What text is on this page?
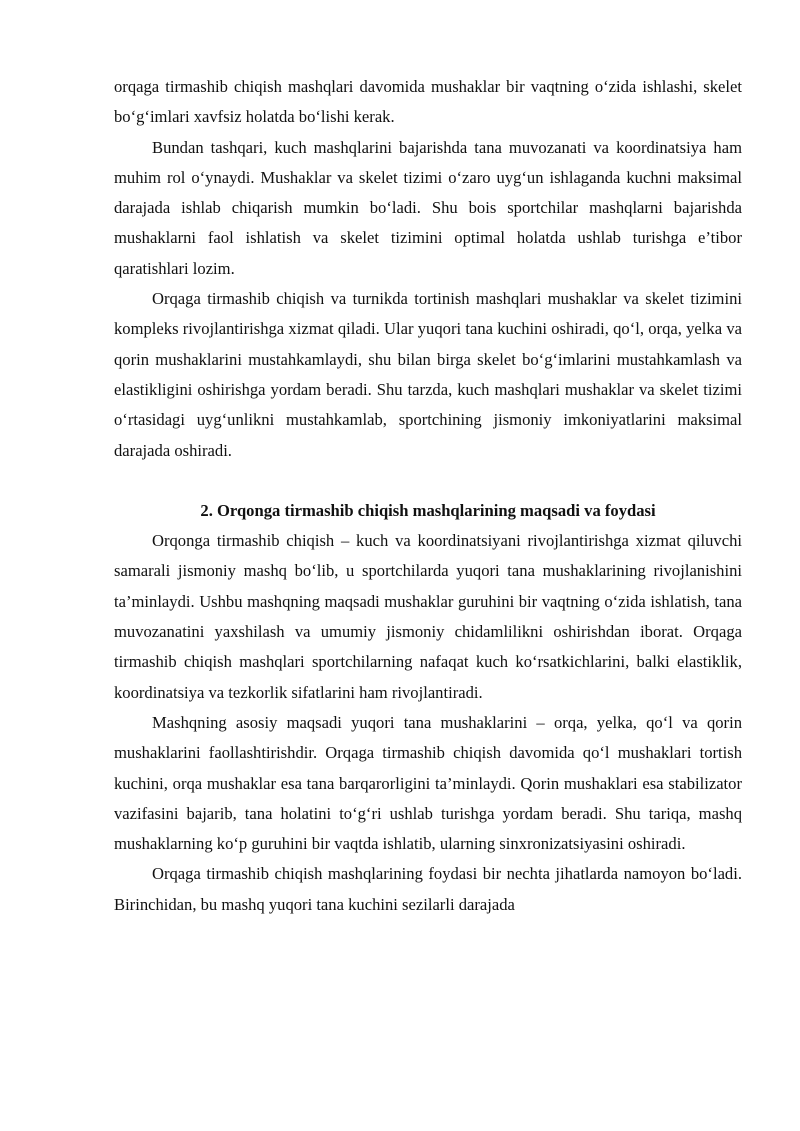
orqaga tirmashib chiqish mashqlari davomida mushaklar bir vaqtning o‘zida ishlashi, skelet bo‘g‘imlari xavfsiz holatda bo‘lishi kerak.

Bundan tashqari, kuch mashqlarini bajarishda tana muvozanati va koordinatsiya ham muhim rol o‘ynaydi. Mushaklar va skelet tizimi o‘zaro uyg‘un ishlaganda kuchni maksimal darajada ishlab chiqarish mumkin bo‘ladi. Shu bois sportchilar mashqlarni bajarishda mushaklarni faol ishlatish va skelet tizimini optimal holatda ushlab turishga e’tibor qaratishlari lozim.

Orqaga tirmashib chiqish va turnikda tortinish mashqlari mushaklar va skelet tizimini kompleks rivojlantirishga xizmat qiladi. Ular yuqori tana kuchini oshiradi, qo‘l, orqa, yelka va qorin mushaklarini mustahkamlaydi, shu bilan birga skelet bo‘g‘imlarini mustahkamlash va elastikligini oshirishga yordam beradi. Shu tarzda, kuch mashqlari mushaklar va skelet tizimi o‘rtasidagi uyg‘unlikni mustahkamlab, sportchining jismoniy imkoniyatlarini maksimal darajada oshiradi.

2. Orqonga tirmashib chiqish mashqlarining maqsadi va foydasi

Orqonga tirmashib chiqish – kuch va koordinatsiyani rivojlantirishga xizmat qiluvchi samarali jismoniy mashq bo‘lib, u sportchilarda yuqori tana mushaklarining rivojlanishini ta’minlaydi. Ushbu mashqning maqsadi mushaklar guruhini bir vaqtning o‘zida ishlatish, tana muvozanatini yaxshilash va umumiy jismoniy chidamlilikni oshirishdan iborat. Orqaga tirmashib chiqish mashqlari sportchilarning nafaqat kuch ko‘rsatkichlarini, balki elastiklik, koordinatsiya va tezkorlik sifatlarini ham rivojlantiradi.

Mashqning asosiy maqsadi yuqori tana mushaklarini – orqa, yelka, qo‘l va qorin mushaklarini faollashtirishdir. Orqaga tirmashib chiqish davomida qo‘l mushaklari tortish kuchini, orqa mushaklar esa tana barqarorligini ta’minlaydi. Qorin mushaklari esa stabilizator vazifasini bajarib, tana holatini to‘g‘ri ushlab turishga yordam beradi. Shu tariqa, mashq mushaklarning ko‘p guruhini bir vaqtda ishlatib, ularning sinxronizatsiyasini oshiradi.

Orqaga tirmashib chiqish mashqlarining foydasi bir nechta jihatlarda namoyon bo‘ladi. Birinchidan, bu mashq yuqori tana kuchini sezilarli darajada
